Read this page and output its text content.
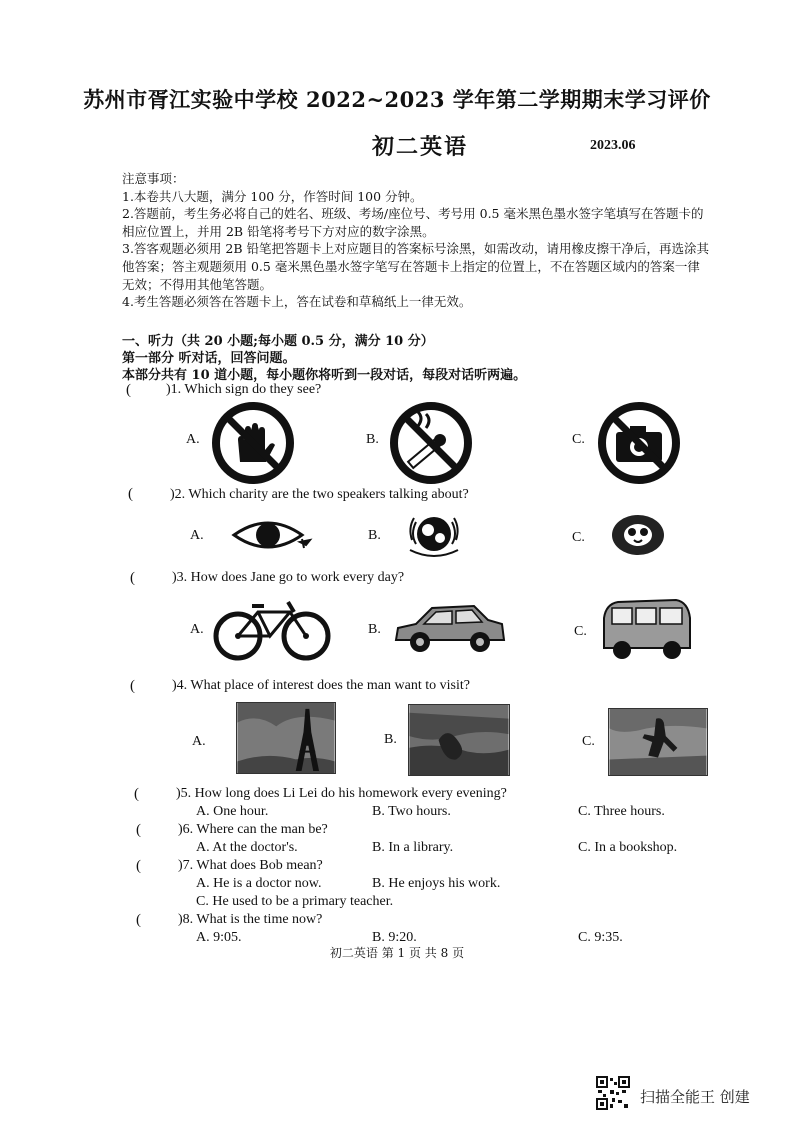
苏州市胥江实验中学校 2022~2023 学年第二学期期末学习评价
初二英语	2023.06
注意事项：
1.本卷共八大题，满分 100 分，作答时间 100 分钟。
2.答题前，考生务必将自己的姓名、班级、考场/座位号、考号用 0.5 毫米黑色墨水签字笔填写在答题卡的相应位置上，并用 2B 铅笔将考号下方对应的数字涂黑。
3.答客观题必须用 2B 铅笔把答题卡上对应题目的答案标号涂黑，如需改动，请用橡皮擦干净后，再选涂其他答案；答主观题须用 0.5 毫米黑色墨水签字笔写在答题卡上指定的位置上，不在答题区域内的答案一律无效；不得用其他笔答题。
4.考生答题必须答在答题卡上，答在试卷和草稿纸上一律无效。
一、听力（共 20 小题;每小题 0.5 分，满分 10 分）
第一部分 听对话，回答问题。
本部分共有 10 道小题，每小题你将听到一段对话，每段对话听两遍。
(	)1. Which sign do they see?
A.	B.	C.
(	)2. Which charity are the two speakers talking about?
A.	B.	C.
(	)3. How does Jane go to work every day?
A.	B.	C.
(	)4. What place of interest does the man want to visit?
A.	B.	C.
(	)5. How long does Li Lei do his homework every evening?
A. One hour.	B. Two hours.	C. Three hours.
(	)6. Where can the man be?
A. At the doctor's.	B. In a library.	C. In a bookshop.
(	)7. What does Bob mean?
A. He is a doctor now.	B. He enjoys his work.
C. He used to be a primary teacher.
(	)8. What is the time now?
A. 9:05.	B. 9:20.	C. 9:35.
初二英语 第 1 页 共 8 页
扫描全能王 创建
